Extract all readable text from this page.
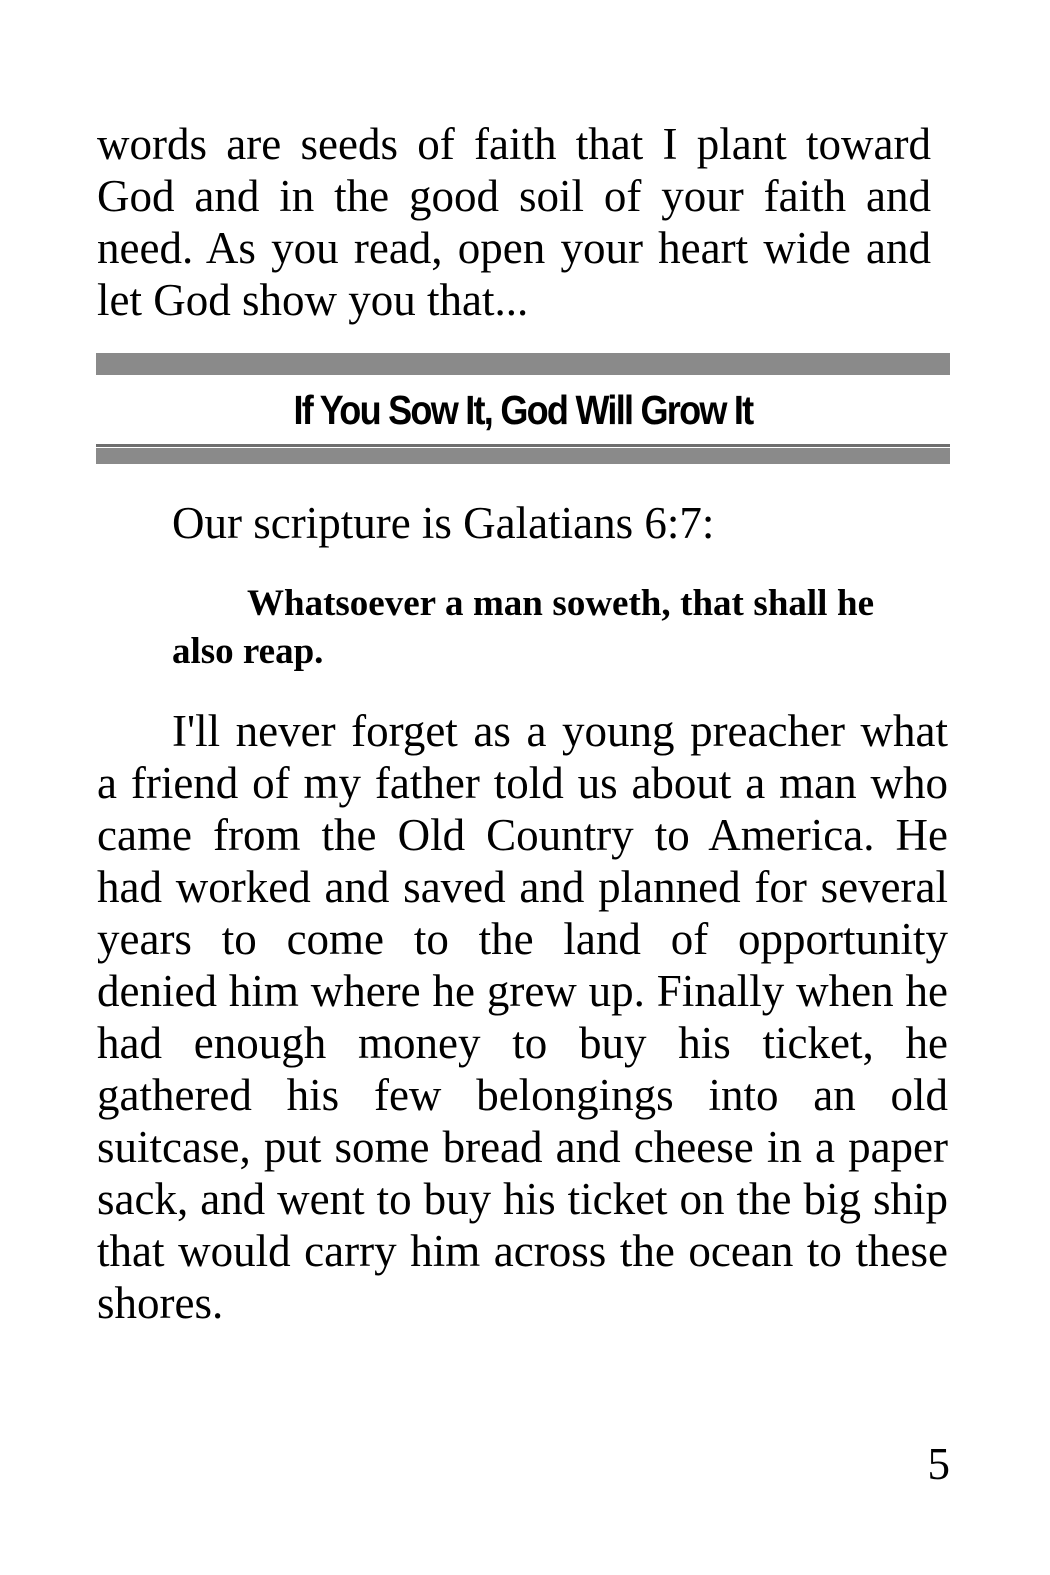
words are seeds of faith that I plant toward God and in the good soil of your faith and need. As you read, open your heart wide and let God show you that...

If You Sow It, God Will Grow It

Our scripture is Galatians 6:7:

Whatsoever a man soweth, that shall he also reap.

I'll never forget as a young preacher what a friend of my father told us about a man who came from the Old Country to America. He had worked and saved and planned for several years to come to the land of opportunity denied him where he grew up. Finally when he had enough money to buy his ticket, he gathered his few belongings into an old suitcase, put some bread and cheese in a paper sack, and went to buy his ticket on the big ship that would carry him across the ocean to these shores.

5
